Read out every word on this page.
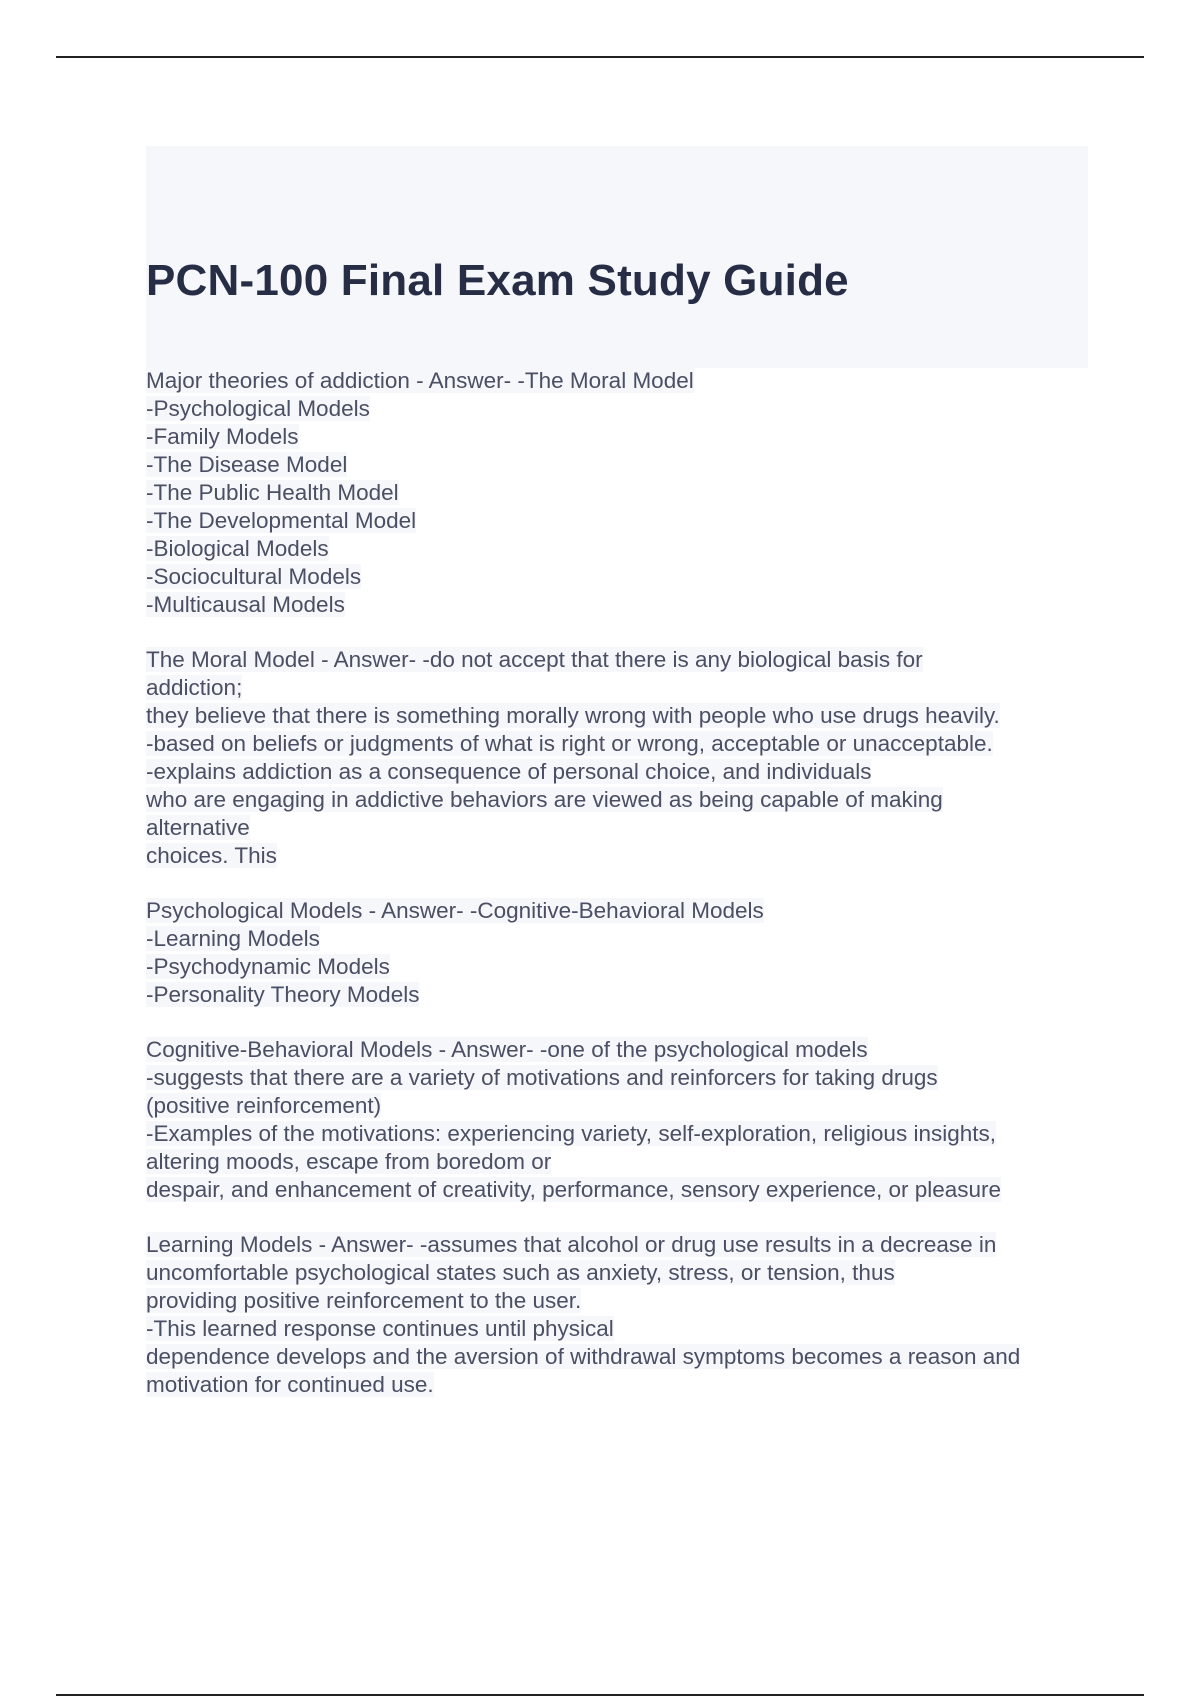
PCN-100 Final Exam Study Guide
Major theories of addiction - Answer- -The Moral Model
-Psychological Models
-Family Models
-The Disease Model
-The Public Health Model
-The Developmental Model
-Biological Models
-Sociocultural Models
-Multicausal Models
The Moral Model - Answer- -do not accept that there is any biological basis for
addiction;
they believe that there is something morally wrong with people who use drugs heavily.
-based on beliefs or judgments of what is right or wrong, acceptable or unacceptable.
-explains addiction as a consequence of personal choice, and individuals
who are engaging in addictive behaviors are viewed as being capable of making
alternative
choices. This
Psychological Models - Answer- -Cognitive-Behavioral Models
-Learning Models
-Psychodynamic Models
-Personality Theory Models
Cognitive-Behavioral Models - Answer- -one of the psychological models
-suggests that there are a variety of motivations and reinforcers for taking drugs
(positive reinforcement)
-Examples of the motivations: experiencing variety, self-exploration, religious insights,
altering moods, escape from boredom or
despair, and enhancement of creativity, performance, sensory experience, or pleasure
Learning Models - Answer- -assumes that alcohol or drug use results in a decrease in
uncomfortable psychological states such as anxiety, stress, or tension, thus
providing positive reinforcement to the user.
-This learned response continues until physical
dependence develops and the aversion of withdrawal symptoms becomes a reason and
motivation for continued use.
